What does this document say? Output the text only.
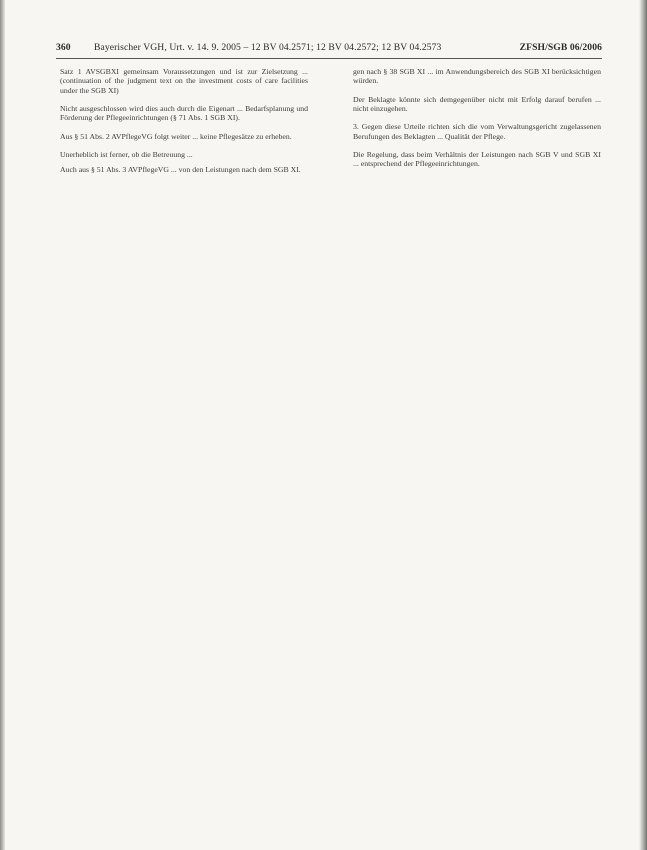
360 Bayerischer VGH, Urt. v. 14. 9. 2005 – 12 BV 04.2571; 12 BV 04.2572; 12 BV 04.2573	ZFSH/SGB 06/2006

Satz 1 AVSGBXI gemeinsam Voraussetzungen und ist zur Zielsetzung ... (continuation of the judgment text on the investment costs of care facilities under the SGB XI)

Nicht ausgeschlossen wird dies auch durch die Eigenart ... Bedarfsplanung und Förderung der Pflegeeinrichtungen (§ 71 Abs. 1 SGB XI).

Aus § 51 Abs. 2 AVPflegeVG folgt weiter ... keine Pflegesätze zu erheben.

Unerheblich ist ferner, ob die Betreuung ...

Auch aus § 51 Abs. 3 AVPflegeVG ... von den Leistungen nach dem SGB XI.

gen nach § 38 SGB XI ... im Anwendungsbereich des SGB XI berücksichtigen würden.

Der Beklagte könnte sich demgegenüber nicht mit Erfolg darauf berufen ... nicht einzugehen.

3. Gegen diese Urteile richten sich die vom Verwaltungsgericht zugelassenen Berufungen des Beklagten ... Qualität der Pflege.

Die Regelung, dass beim Verhältnis der Leistungen nach SGB V und SGB XI ... entsprechend der Pflegeeinrichtungen.
